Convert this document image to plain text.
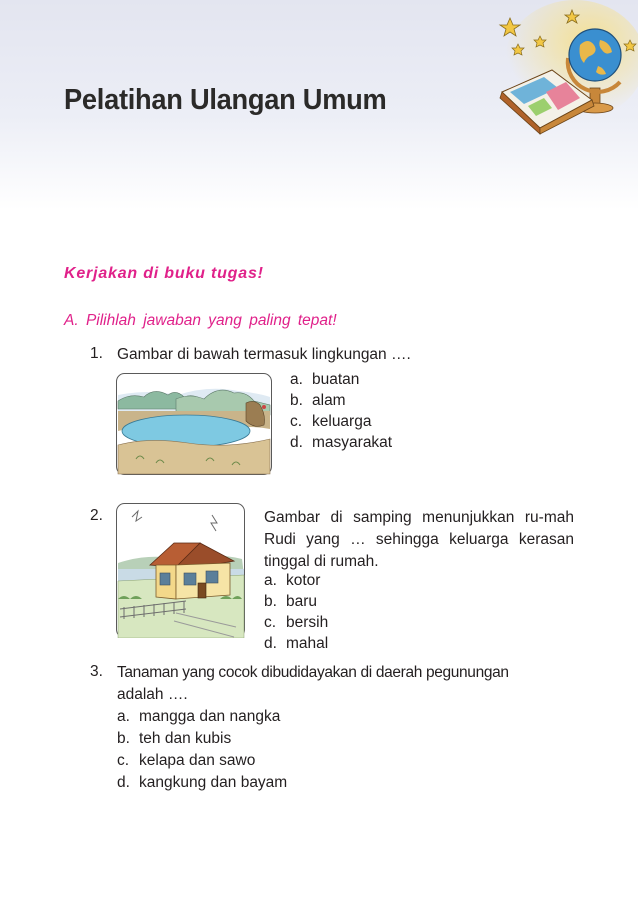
Pelatihan Ulangan Umum
Kerjakan di buku tugas!
A. Pilihlah jawaban yang paling tepat!
1. Gambar di bawah termasuk lingkungan ….
a. buatan
b. alam
c. keluarga
d. masyarakat
2.	Gambar di samping menunjukkan ru-mah Rudi yang … sehingga keluarga kerasan tinggal di rumah.
a. kotor
b. baru
c. bersih
d. mahal
3. Tanaman yang cocok dibudidayakan di daerah pegunungan
adalah ….
a. mangga dan nangka
b. teh dan kubis
c. kelapa dan sawo
d. kangkung dan bayam
